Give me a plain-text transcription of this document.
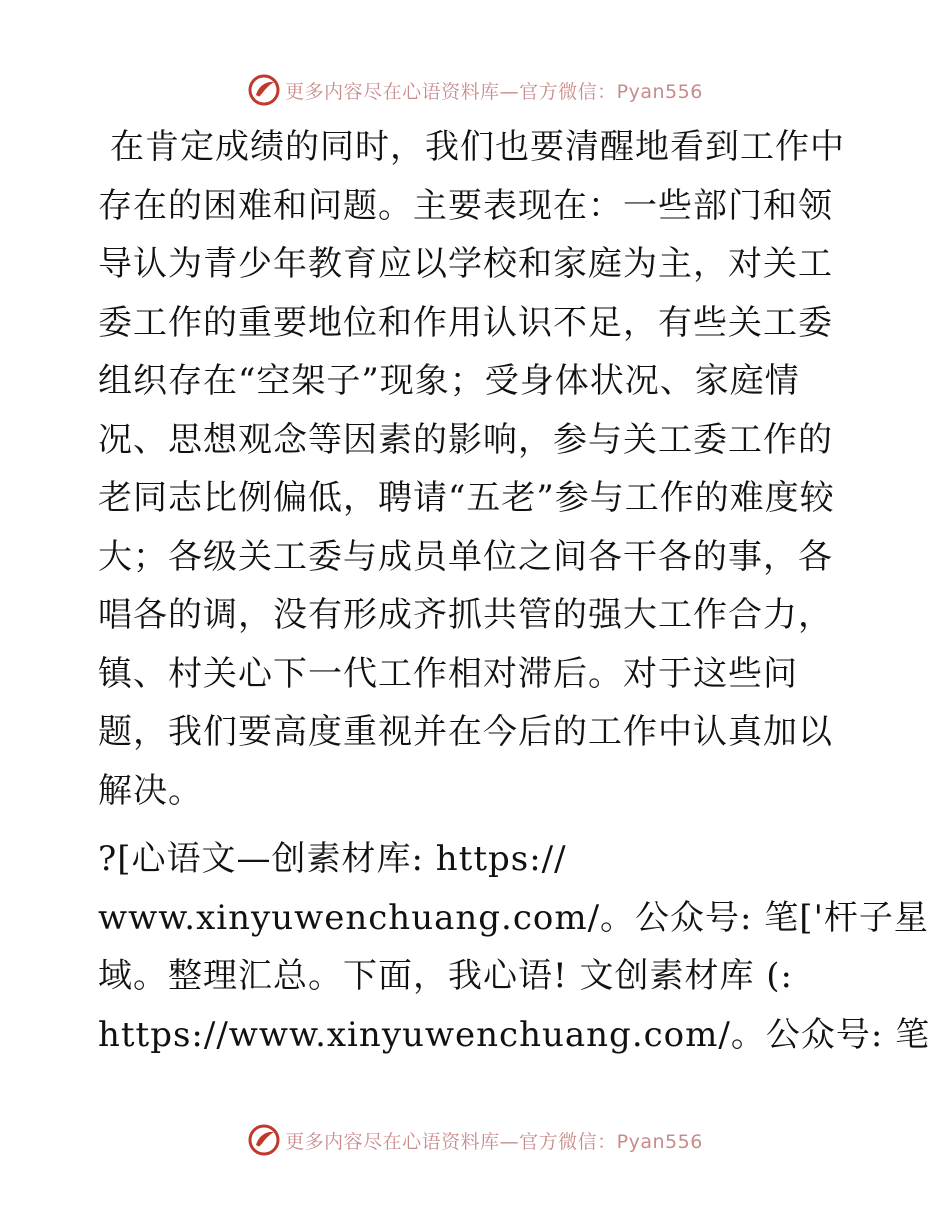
更多内容尽在心语资料库—官方微信：Pyan556

在肯定成绩的同时，我们也要清醒地看到工作中存在的困难和问题。主要表现在：一些部门和领导认为青少年教育应以学校和家庭为主，对关工委工作的重要地位和作用认识不足，有些关工委组织存在“空架子”现象；受身体状况、家庭情况、思想观念等因素的影响，参与关工委工作的老同志比例偏低，聘请“五老”参与工作的难度较大；各级关工委与成员单位之间各干各的事，各唱各的调，没有形成齐抓共管的强大工作合力，镇、村关心下一代工作相对滞后。对于这些问题，我们要高度重视并在今后的工作中认真加以解决。

?[心语文—创素材库: https://
www.xinyuwenchuang.com/。公众号: 笔['杆子星
域。整理汇总。下面，我心语! 文创素材库 (:
https://www.xinyuwenchuang.com/。公众号: 笔
更多内容尽在心语资料库—官方微信：Pyan556
